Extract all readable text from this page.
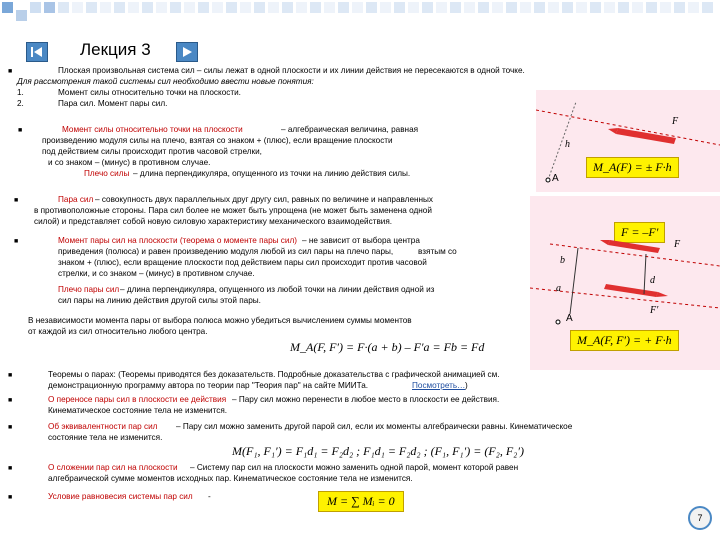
Лекция 3
■	Плоская произвольная система сил – силы лежат в одной плоскости и их линии действия не пересекаются в одной точке.
Для рассмотрения такой системы сил необходимо ввести новые понятия:
1.	Момент силы относительно точки на плоскости.
2.	Пара сил. Момент пары сил.
F
h
A
M_A(F) = ± F·h
■	Момент силы относительно точки на плоскости	– алгебраическая величина, равная
произведению модуля силы на плечо, взятая со знаком + (плюс), если вращение плоскости
под действием силы происходит против часовой стрелки,
и со знаком – (минус) в противном случае.
Плечо силы – длина перпендикуляра, опущенного из точки на линию действия силы.
■	Пара сил – совокупность двух параллельных друг другу сил, равных по величине и направленных
в противоположные стороны. Пара сил более не может быть упрощена (не может быть заменена одной
силой) и представляет собой новую силовую характеристику механического взаимодействия.
F = –F′
F
b
d
a
F′
A
M_A(F, F′) = + F·h
■	Момент пары сил на плоскости (теорема о моменте пары сил) – не зависит от выбора центра
приведения (полюса) и равен произведению модуля любой из сил пары на плечо пары,	взятым со
знаком + (плюс), если вращение плоскости под действием пары сил происходит против часовой
стрелки, и со знаком – (минус) в противном случае.
Плечо пары сил – длина перпендикуляра, опущенного из любой точки на линии действия одной из
сил пары на линию действия другой силы этой пары.
В независимости момента пары от выбора полюса можно убедиться вычислением суммы моментов
от каждой из сил относительно любого центра.
M_A(F, F′) = F·(a + b) – F′a = Fb = Fd
■	Теоремы о парах: (Теоремы приводятся без доказательств. Подробные доказательства с графической анимацией см.
демонстрационную программу автора по теории пар "Теория пар" на сайте МИИТа.	Посмотреть… )
■	О переносе пары сил в плоскости ее действия – Пару сил можно перенести в любое место в плоскости ее действия.
Кинематическое состояние тела не изменится.
■	Об эквивалентности пар сил – Пару сил можно заменить другой парой сил, если их моменты алгебраически равны. Кинематическое
состояние тела не изменится.
M(F₁, F₁′) = F₁d₁ = F₂d₂ ; F₁d₁ = F₂d₂ ; (F₁, F₁′) = (F₂, F₂′)
■	О сложении пар сил на плоскости – Систему пар сил на плоскости можно заменить одной парой, момент которой равен
алгебраической сумме моментов исходных пар. Кинематическое состояние тела не изменится.
■	Условие равновесия системы пар сил -	M = ∑ Mᵢ = 0
7
